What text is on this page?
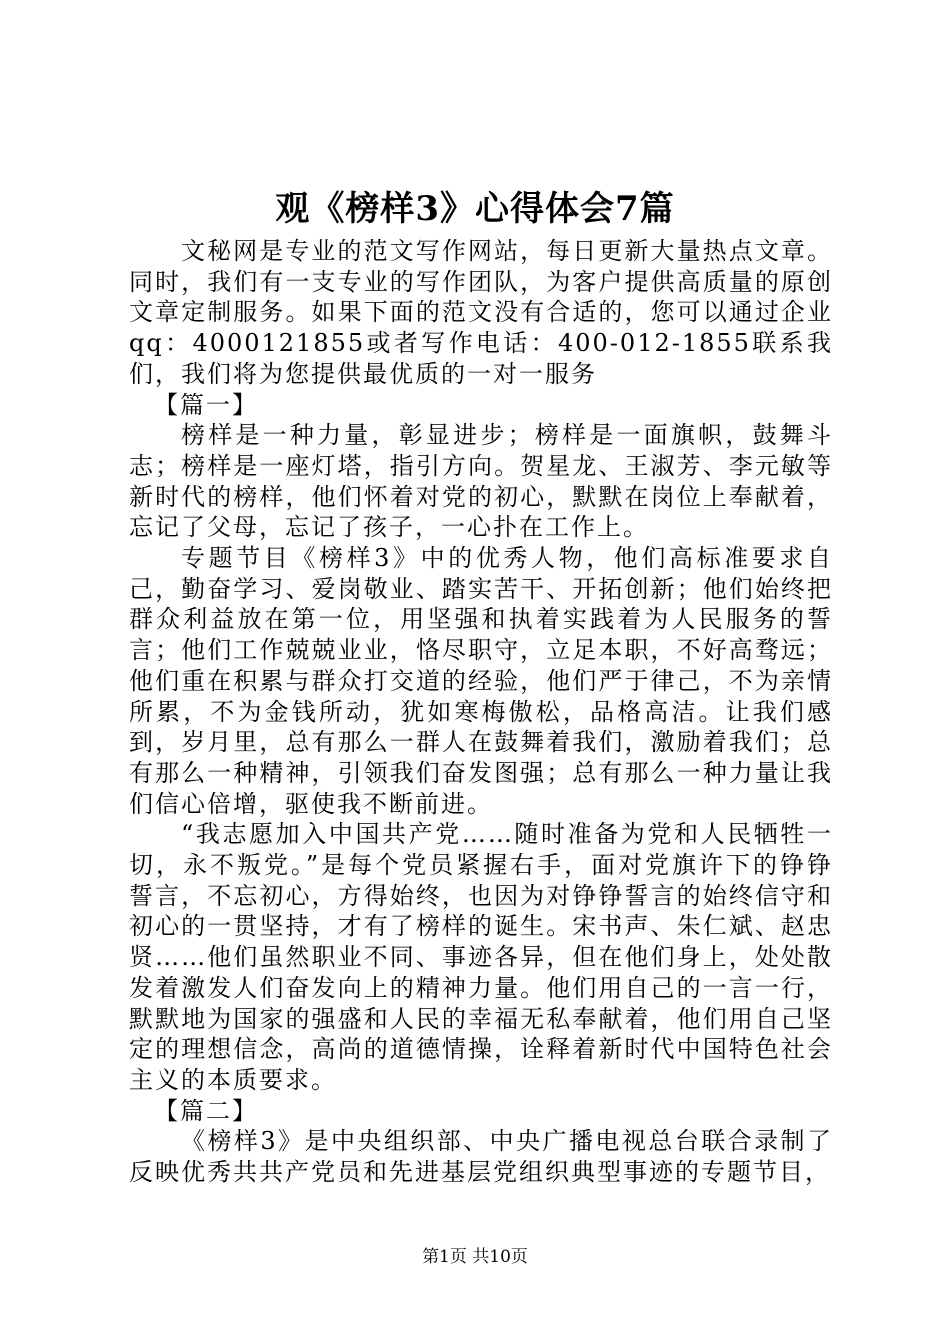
观《榜样3》心得体会7篇

文秘网是专业的范文写作网站，每日更新大量热点文章。同时，我们有一支专业的写作团队，为客户提供高质量的原创文章定制服务。如果下面的范文没有合适的，您可以通过企业qq：4000121855或者写作电话：400-012-1855联系我们，我们将为您提供最优质的一对一服务

【篇一】

榜样是一种力量，彰显进步；榜样是一面旗帜，鼓舞斗志；榜样是一座灯塔，指引方向。贺星龙、王淑芳、李元敏等新时代的榜样，他们怀着对党的初心，默默在岗位上奉献着，忘记了父母，忘记了孩子，一心扑在工作上。

专题节目《榜样3》中的优秀人物，他们高标准要求自己，勤奋学习、爱岗敬业、踏实苦干、开拓创新；他们始终把群众利益放在第一位，用坚强和执着实践着为人民服务的誓言；他们工作兢兢业业，恪尽职守，立足本职，不好高骛远；他们重在积累与群众打交道的经验，他们严于律己，不为亲情所累，不为金钱所动，犹如寒梅傲松，品格高洁。让我们感到，岁月里，总有那么一群人在鼓舞着我们，激励着我们；总有那么一种精神，引领我们奋发图强；总有那么一种力量让我们信心倍增，驱使我不断前进。

“我志愿加入中国共产党……随时准备为党和人民牺牲一切，永不叛党。”是每个党员紧握右手，面对党旗许下的铮铮誓言，不忘初心，方得始终，也因为对铮铮誓言的始终信守和初心的一贯坚持，才有了榜样的诞生。宋书声、朱仁斌、赵忠贤……他们虽然职业不同、事迹各异，但在他们身上，处处散发着激发人们奋发向上的精神力量。他们用自己的一言一行，默默地为国家的强盛和人民的幸福无私奉献着，他们用自己坚定的理想信念，高尚的道德情操，诠释着新时代中国特色社会主义的本质要求。

【篇二】

《榜样3》是中央组织部、中央广播电视总台联合录制了反映优秀共共产党员和先进基层党组织典型事迹的专题节目，

第1页 共10页
